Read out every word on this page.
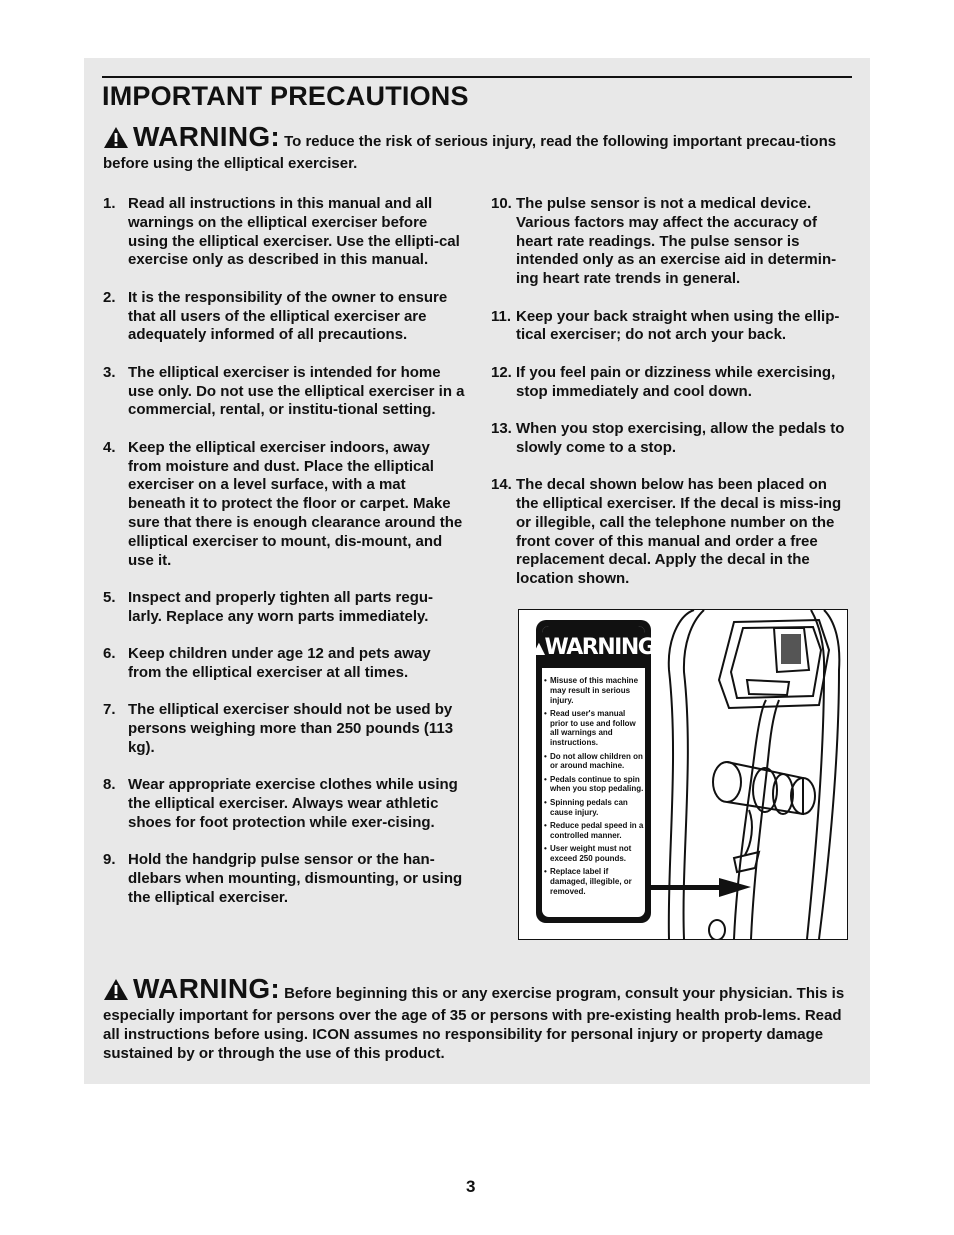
IMPORTANT PRECAUTIONS
WARNING: To reduce the risk of serious injury, read the following important precau-tions before using the elliptical exerciser.
1. Read all instructions in this manual and all warnings on the elliptical exerciser before using the elliptical exerciser. Use the ellipti-cal exercise only as described in this manual.
2. It is the responsibility of the owner to ensure that all users of the elliptical exerciser are adequately informed of all precautions.
3. The elliptical exerciser is intended for home use only. Do not use the elliptical exerciser in a commercial, rental, or institu-tional setting.
4. Keep the elliptical exerciser indoors, away from moisture and dust. Place the elliptical exerciser on a level surface, with a mat beneath it to protect the floor or carpet. Make sure that there is enough clearance around the elliptical exerciser to mount, dis-mount, and use it.
5. Inspect and properly tighten all parts regu-larly. Replace any worn parts immediately.
6. Keep children under age 12 and pets away from the elliptical exerciser at all times.
7. The elliptical exerciser should not be used by persons weighing more than 250 pounds (113 kg).
8. Wear appropriate exercise clothes while using the elliptical exerciser. Always wear athletic shoes for foot protection while exer-cising.
9. Hold the handgrip pulse sensor or the han-dlebars when mounting, dismounting, or using the elliptical exerciser.
10. The pulse sensor is not a medical device. Various factors may affect the accuracy of heart rate readings. The pulse sensor is intended only as an exercise aid in determin-ing heart rate trends in general.
11. Keep your back straight when using the ellip-tical exerciser; do not arch your back.
12. If you feel pain or dizziness while exercising, stop immediately and cool down.
13. When you stop exercising, allow the pedals to slowly come to a stop.
14. The decal shown below has been placed on the elliptical exerciser. If the decal is miss-ing or illegible, call the telephone number on the front cover of this manual and order a free replacement decal. Apply the decal in the location shown.
▲ WARNING
• Misuse of this machine may result in serious injury.
• Read user's manual prior to use and follow all warnings and instructions.
• Do not allow children on or around machine.
• Pedals continue to spin when you stop pedaling.
• Spinning pedals can cause injury.
• Reduce pedal speed in a controlled manner.
• User weight must not exceed 250 pounds.
• Replace label if damaged, illegible, or removed.
WARNING: Before beginning this or any exercise program, consult your physician. This is especially important for persons over the age of 35 or persons with pre-existing health prob-lems. Read all instructions before using. ICON assumes no responsibility for personal injury or property damage sustained by or through the use of this product.
3
